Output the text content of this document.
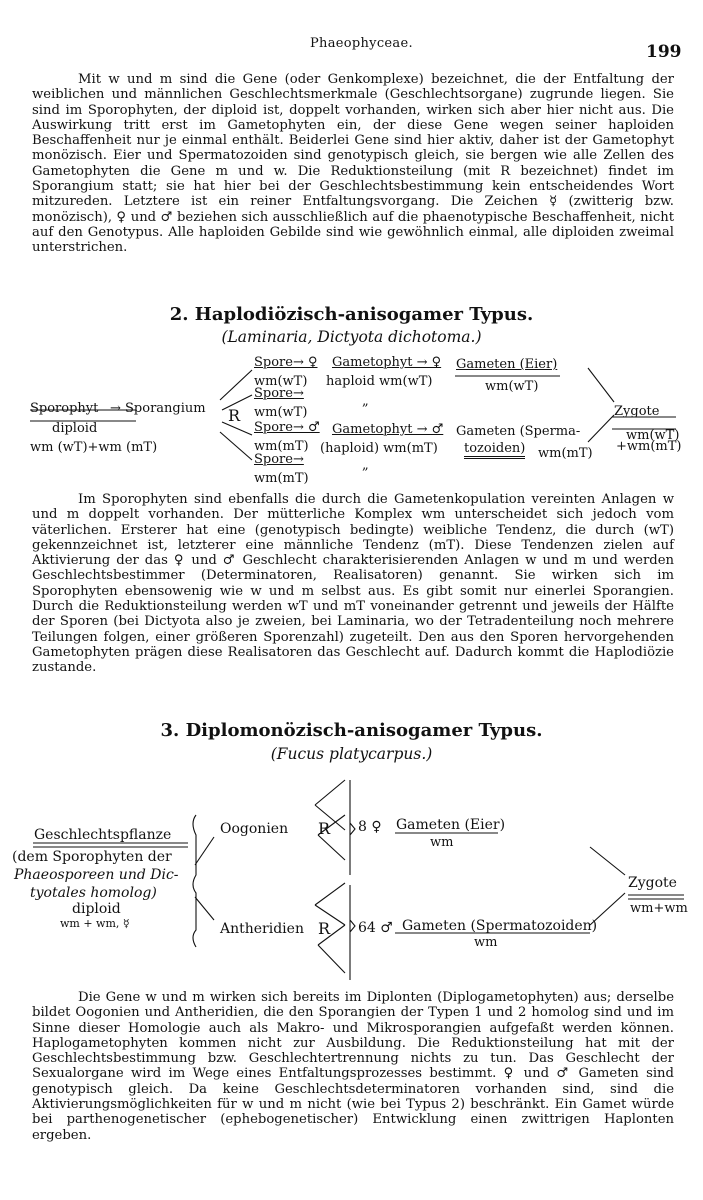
Phaeophyceae.	199
Mit w und m sind die Gene (oder Genkomplexe) bezeichnet, die der Entfaltung der weiblichen und männlichen Geschlechtsmerkmale (Geschlechtsorgane) zugrunde liegen. Sie sind im Sporophyten, der diploid ist, doppelt vorhanden, wirken sich aber hier nicht aus. Die Auswirkung tritt erst im Gametophyten ein, der diese Gene wegen seiner haploiden Beschaffenheit nur je einmal enthält. Beiderlei Gene sind hier aktiv, daher ist der Gametophyt monözisch. Eier und Spermatozoiden sind genotypisch gleich, sie bergen wie alle Zellen des Gametophyten die Gene m und w. Die Reduktionsteilung (mit R bezeichnet) findet im Sporangium statt; sie hat hier bei der Geschlechtsbestimmung kein entscheidendes Wort mitzureden. Letztere ist ein reiner Entfaltungsvorgang. Die Zeichen ☿ (zwitterig bzw. monözisch), ♀ und ♂ beziehen sich ausschließlich auf die phaenotypische Beschaffenheit, nicht auf den Genotypus. Alle haploiden Gebilde sind wie gewöhnlich einmal, alle diploiden zweimal unterstrichen.
2. Haplodiözisch-anisogamer Typus.
(Laminaria, Dictyota dichotoma.)
Sporophyt → Sporangium
diploid
wm (wT)+wm (mT)
R
Spore→ ♀
wm(wT)
Gametophyt → ♀
haploid wm(wT)
Gameten (Eier)
wm(wT)
Spore→
wm(wT)
„
Spore→ ♂
wm(mT)
Gametophyt → ♂
(haploid) wm(mT)
Gameten (Sperma-
tozoiden) wm(mT)
Spore→
wm(mT)
„
Zygote
wm(wT)
+wm(mT)
Im Sporophyten sind ebenfalls die durch die Gametenkopulation vereinten Anlagen w und m doppelt vorhanden. Der mütterliche Komplex wm unterscheidet sich jedoch vom väterlichen. Ersterer hat eine (genotypisch bedingte) weibliche Tendenz, die durch (wT) gekennzeichnet ist, letzterer eine männliche Tendenz (mT). Diese Tendenzen zielen auf Aktivierung der das ♀ und ♂ Geschlecht charakterisierenden Anlagen w und m und werden Geschlechtsbestimmer (Determinatoren, Realisatoren) genannt. Sie wirken sich im Sporophyten ebensowenig wie w und m selbst aus. Es gibt somit nur einerlei Sporangien. Durch die Reduktionsteilung werden wT und mT voneinander getrennt und jeweils der Hälfte der Sporen (bei Dictyota also je zweien, bei Laminaria, wo der Tetradenteilung noch mehrere Teilungen folgen, einer größeren Sporenzahl) zugeteilt. Den aus den Sporen hervorgehenden Gametophyten prägen diese Realisatoren das Geschlecht auf. Dadurch kommt die Haplodiözie zustande.
3. Diplomonözisch-anisogamer Typus.
(Fucus platycarpus.)
Geschlechtspflanze
(dem Sporophyten der
Phaeosporeen und Dic-
tyotales homolog)
diploid
wm + wm, ☿
Oogonien R 8 ♀ Gameten (Eier)
wm
Antheridien R 64 ♂ Gameten (Spermatozoiden)
wm
Zygote
wm+wm
Die Gene w und m wirken sich bereits im Diplonten (Diplogametophyten) aus; derselbe bildet Oogonien und Antheridien, die den Sporangien der Typen 1 und 2 homolog sind und im Sinne dieser Homologie auch als Makro- und Mikrosporangien aufgefaßt werden können. Haplogametophyten kommen nicht zur Ausbildung. Die Reduktionsteilung hat mit der Geschlechtsbestimmung bzw. Geschlechtertrennung nichts zu tun. Das Geschlecht der Sexualorgane wird im Wege eines Entfaltungsprozesses bestimmt. ♀ und ♂ Gameten sind genotypisch gleich. Da keine Geschlechtsdeterminatoren vorhanden sind, sind die Aktivierungsmöglichkeiten für w und m nicht (wie bei Typus 2) beschränkt. Ein Gamet würde bei parthenogenetischer (ephebogenetischer) Entwicklung einen zwittrigen Haplonten ergeben.
